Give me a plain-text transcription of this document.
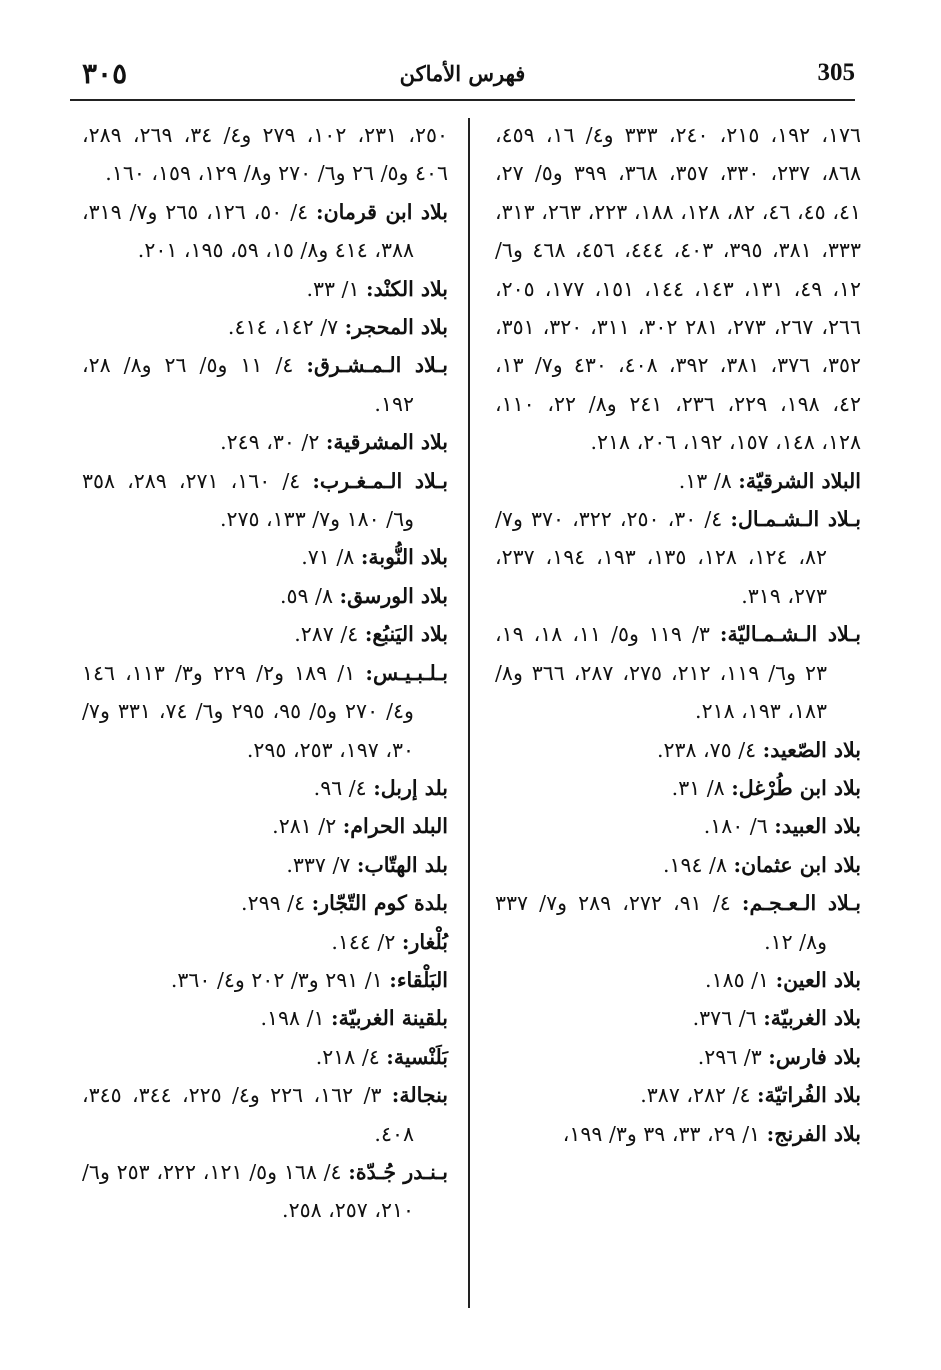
305
فهرس الأماكن
٣٠٥

١٧٦، ١٩٢، ٢١٥، ٢٤٠، ٣٣٣ و٤/ ١٦، ٤٥٩، ٨٦٨، ٢٣٧، ٣٣٠، ٣٥٧، ٣٦٨، ٣٩٩ و٥/ ٢٧، ٤١، ٤٥، ٤٦، ٨٢، ١٢٨، ١٨٨، ٢٢٣، ٢٦٣، ٣١٣، ٣٣٣، ٣٨١، ٣٩٥، ٤٠٣، ٤٤٤، ٤٥٦، ٤٦٨ و٦/ ١٢، ٤٩، ١٣١، ١٤٣، ١٤٤، ١٥١، ١٧٧، ٢٠٥، ٢٦٦، ٢٦٧، ٢٧٣، ٢٨١ ٣٠٢، ٣١١، ٣٢٠، ٣٥١، ٣٥٢، ٣٧٦، ٣٨١، ٣٩٢، ٤٠٨، ٤٣٠ و٧/ ١٣، ٤٢، ١٩٨، ٢٢٩، ٢٣٦، ٢٤١ و٨/ ٢٢، ١١٠، ١٢٨، ١٤٨، ١٥٧، ١٩٢، ٢٠٦، ٢١٨.

البلاد الشرقيّة: ٨/ ١٣.

بـلاد الـشـمـال: ٤/ ٣٠، ٢٥٠، ٣٢٢، ٣٧٠ و٧/ ٨٢، ١٢٤، ١٢٨، ١٣٥، ١٩٣، ١٩٤، ٢٣٧، ٢٧٣، ٣١٩.

بـلاد الـشـمـاليّة: ٣/ ١١٩ و٥/ ١١، ١٨، ١٩، ٢٣ و٦/ ١١٩، ٢١٢، ٢٧٥، ٢٨٧، ٣٦٦ و٨/ ١٨٣، ١٩٣، ٢١٨.

بلاد الصّعيد: ٤/ ٧٥، ٢٣٨.

بلاد ابن طُرْغل: ٨/ ٣١.

بلاد العبيد: ٦/ ١٨٠.

بلاد ابن عثمان: ٨/ ١٩٤.

بـلاد الـعـجـم: ٤/ ٩١، ٢٧٢، ٢٨٩ و٧/ ٣٣٧ و٨/ ١٢.

بلاد العين: ١/ ١٨٥.

بلاد الغربيّة: ٦/ ٣٧٦.

بلاد فارس: ٣/ ٢٩٦.

بلاد الفُراتيّة: ٤/ ٢٨٢، ٣٨٧.

بلاد الفرنج: ١/ ٢٩، ٣٣، ٣٩ و٣/ ١٩٩،

٢٥٠، ٢٣١، ١٠٢، ٢٧٩ و٤/ ٣٤، ٢٦٩، ٢٨٩، ٤٠٦ و٥/ ٢٦ و٦/ ٢٧٠ و٨/ ١٢٩، ١٥٩، ١٦٠.

بلاد ابن قرمان: ٤/ ٥٠، ١٢٦، ٢٦٥ و٧/ ٣١٩، ٣٨٨، ٤١٤ و٨/ ١٥، ٥٩، ١٩٥، ٢٠١.

بلاد الكنْد: ١/ ٣٣.

بلاد المحجر: ٧/ ١٤٢، ٤١٤.

بـلاد الـمـشـرق: ٤/ ١١ و٥/ ٢٦ و٨/ ٢٨، ١٩٢.

بلاد المشرقية: ٢/ ٣٠، ٢٤٩.

بـلاد الـمـغـرب: ٤/ ١٦٠، ٢٧١، ٢٨٩، ٣٥٨ و٦/ ١٨٠ و٧/ ١٣٣، ٢٧٥.

بلاد النُّوبة: ٨/ ٧١.

بلاد الورسق: ٨/ ٥٩.

بلاد اليَنبُع: ٤/ ٢٨٧.

بـلـبـيـس: ١/ ١٨٩ و٢/ ٢٢٩ و٣/ ١١٣، ١٤٦ و٤/ ٢٧٠ و٥/ ٩٥، ٢٩٥ و٦/ ٧٤، ٣٣١ و٧/ ٣٠، ١٩٧، ٢٥٣، ٢٩٥.

بلد إربل: ٤/ ٩٦.

البلد الحرام: ٢/ ٢٨١.

بلد الهتّاب: ٧/ ٣٣٧.

بلدة كوم التّجّار: ٤/ ٢٩٩.

بُلْغار: ٢/ ١٤٤.

البَلْقاء: ١/ ٢٩١ و٣/ ٢٠٢ و٤/ ٣٦٠.

بلقينة الغربيّة: ١/ ١٩٨.

بَلَنْسية: ٤/ ٢١٨.

بنجالة: ٣/ ١٦٢، ٢٢٦ و٤/ ٢٢٥، ٣٤٤، ٣٤٥، ٤٠٨.

بـنـدر جُـدّة: ٤/ ١٦٨ و٥/ ١٢١، ٢٢٢، ٢٥٣ و٦/ ٢١٠، ٢٥٧، ٢٥٨.
